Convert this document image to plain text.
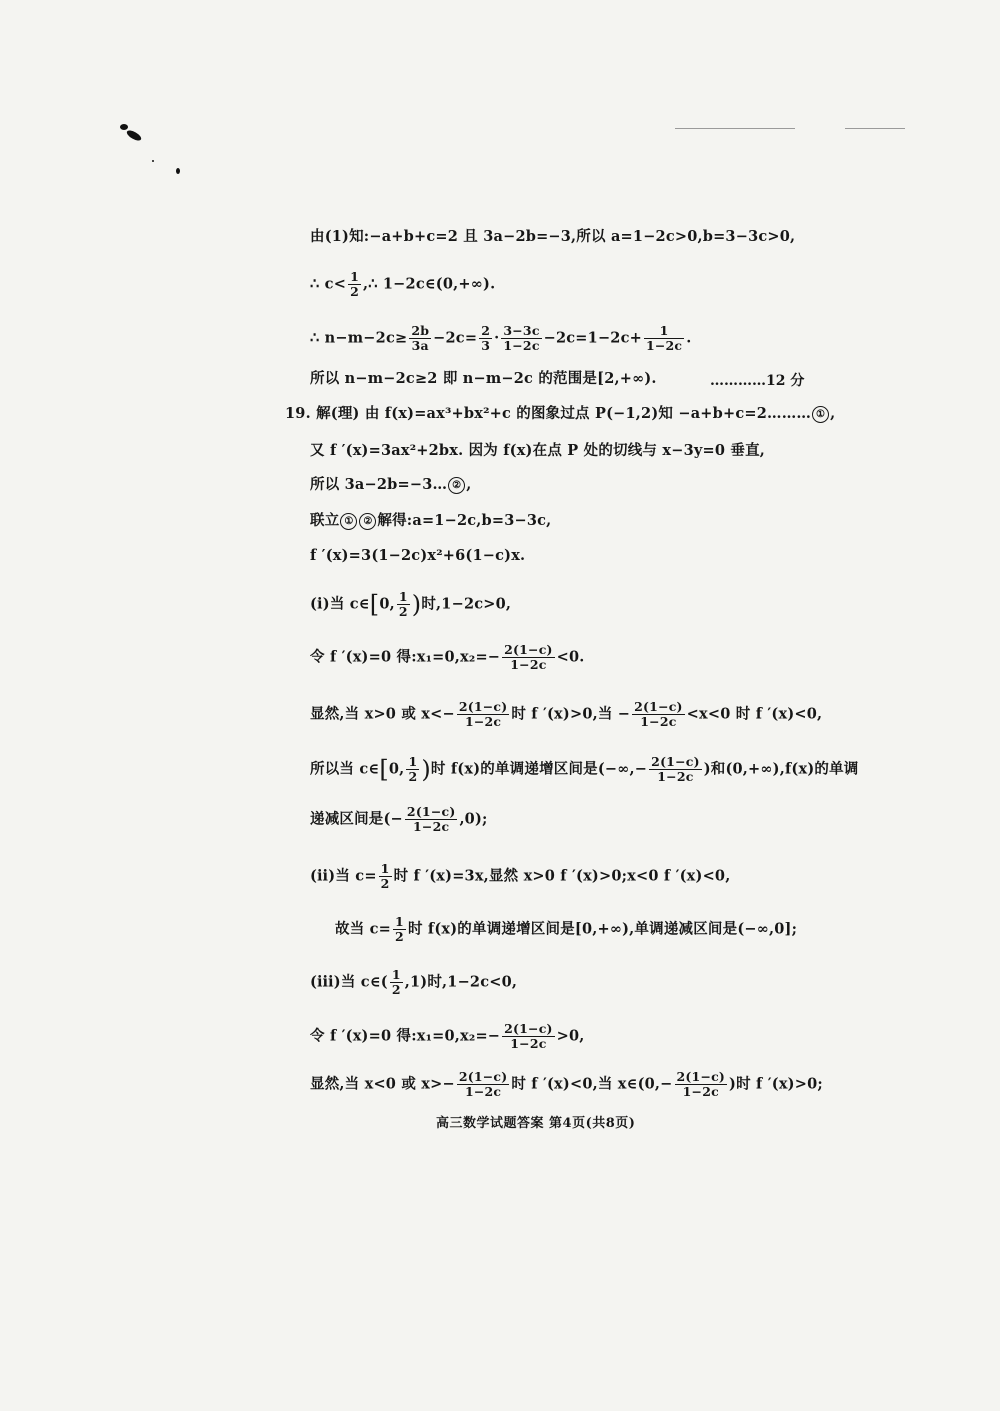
由(1)知:−a+b+c=2 且 3a−2b=−3,所以 a=1−2c>0,b=3−3c>0,
∴ $c< \frac{1}{2}$ ,∴ 1−2c∈(0,+∞).
∴ $n-m-2c\ge \frac{2b}{3a} -2c= \frac{2}{3} \cdot \frac{3-3c}{1-2c} -2c=1-2c+ \frac{1}{1-2c}$ .
所以 n−m−2c≥2 即 n−m−2c 的范围是[2,+∞).	…………12 分
19. 解(理) 由 f(x)=ax³+bx²+c 的图象过点 P(−1,2)知 −a+b+c=2……… ① ,
又 f ′(x)=3ax²+2bx. 因为 f(x)在点 P 处的切线与 x−3y=0 垂直,
所以 3a−2b=−3… ② ,
联立 ① ② 解得:a=1−2c,b=3−3c,
f ′(x)=3(1−2c)x²+6(1−c)x.
(ⅰ)当 c∈[0, $\frac{1}{2}$ )时,1−2c>0,
令 f ′(x)=0 得:x₁=0,x₂=− $\frac{2(1-c)}{1-2c} <0$.
显然,当 x>0 或 $x<- \frac{2(1-c)}{1-2c}$ 时 f ′(x)>0,当 − $\frac{2(1-c)}{1-2c} <x<0$ 时 f ′(x)<0,
所以当 c∈[0, $\frac{1}{2}$ )时 f(x)的单调递增区间是(−∞,− $\frac{2(1-c)}{1-2c}$ )和(0,+∞),f(x)的单调
递减区间是(− $\frac{2(1-c)}{1-2c} ,0$);
(ⅱ)当 $c= \frac{1}{2}$ 时 f ′(x)=3x,显然 x>0 f ′(x)>0;x<0 f ′(x)<0,
故当 $c= \frac{1}{2}$ 时 f(x)的单调递增区间是[0,+∞),单调递减区间是(−∞,0];
(ⅲ)当 c∈( $\frac{1}{2} ,1$)时,1−2c<0,
令 f ′(x)=0 得:x₁=0,x₂=− $\frac{2(1-c)}{1-2c} >0$,
显然,当 x<0 或 $x>- \frac{2(1-c)}{1-2c}$ 时 f ′(x)<0,当 x∈(0,− $\frac{2(1-c)}{1-2c}$ )时 f ′(x)>0;
高三数学试题答案 第4页(共8页)
